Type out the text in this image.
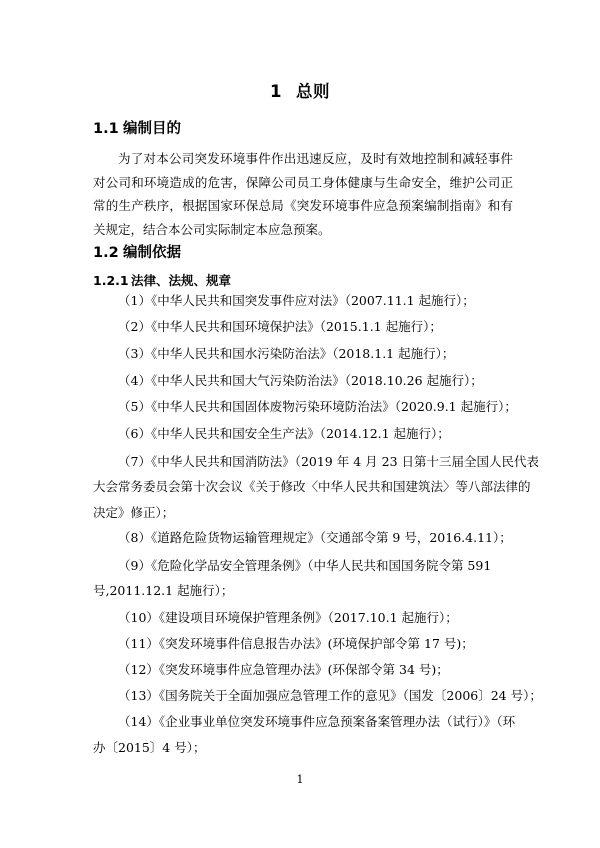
1 总则
1.1 编制目的
为了对本公司突发环境事件作出迅速反应，及时有效地控制和减轻事件对公司和环境造成的危害，保障公司员工身体健康与生命安全，维护公司正常的生产秩序，根据国家环保总局《突发环境事件应急预案编制指南》和有关规定，结合本公司实际制定本应急预案。
1.2 编制依据
1.2.1 法律、法规、规章
（1）《中华人民共和国突发事件应对法》（2007.11.1 起施行）；
（2）《中华人民共和国环境保护法》（2015.1.1 起施行）；
（3）《中华人民共和国水污染防治法》（2018.1.1 起施行）；
（4）《中华人民共和国大气污染防治法》（2018.10.26 起施行）；
（5）《中华人民共和国固体废物污染环境防治法》（2020.9.1 起施行）；
（6）《中华人民共和国安全生产法》（2014.12.1 起施行）；
（7）《中华人民共和国消防法》（2019 年 4 月 23 日第十三届全国人民代表
大会常务委员会第十次会议《关于修改〈中华人民共和国建筑法〉等八部法律的
决定》修正）；
（8）《道路危险货物运输管理规定》（交通部令第 9 号，2016.4.11）；
（9）《危险化学品安全管理条例》（中华人民共和国国务院令第 591
号,2011.12.1 起施行）；
（10）《建设项目环境保护管理条例》（2017.10.1 起施行）；
（11）《突发环境事件信息报告办法》(环境保护部令第 17 号)；
（12）《突发环境事件应急管理办法》(环保部令第 34 号)；
（13）《国务院关于全面加强应急管理工作的意见》（国发〔2006〕24 号）；
（14）《企业事业单位突发环境事件应急预案备案管理办法（试行）》（环
办〔2015〕4 号）；
1
